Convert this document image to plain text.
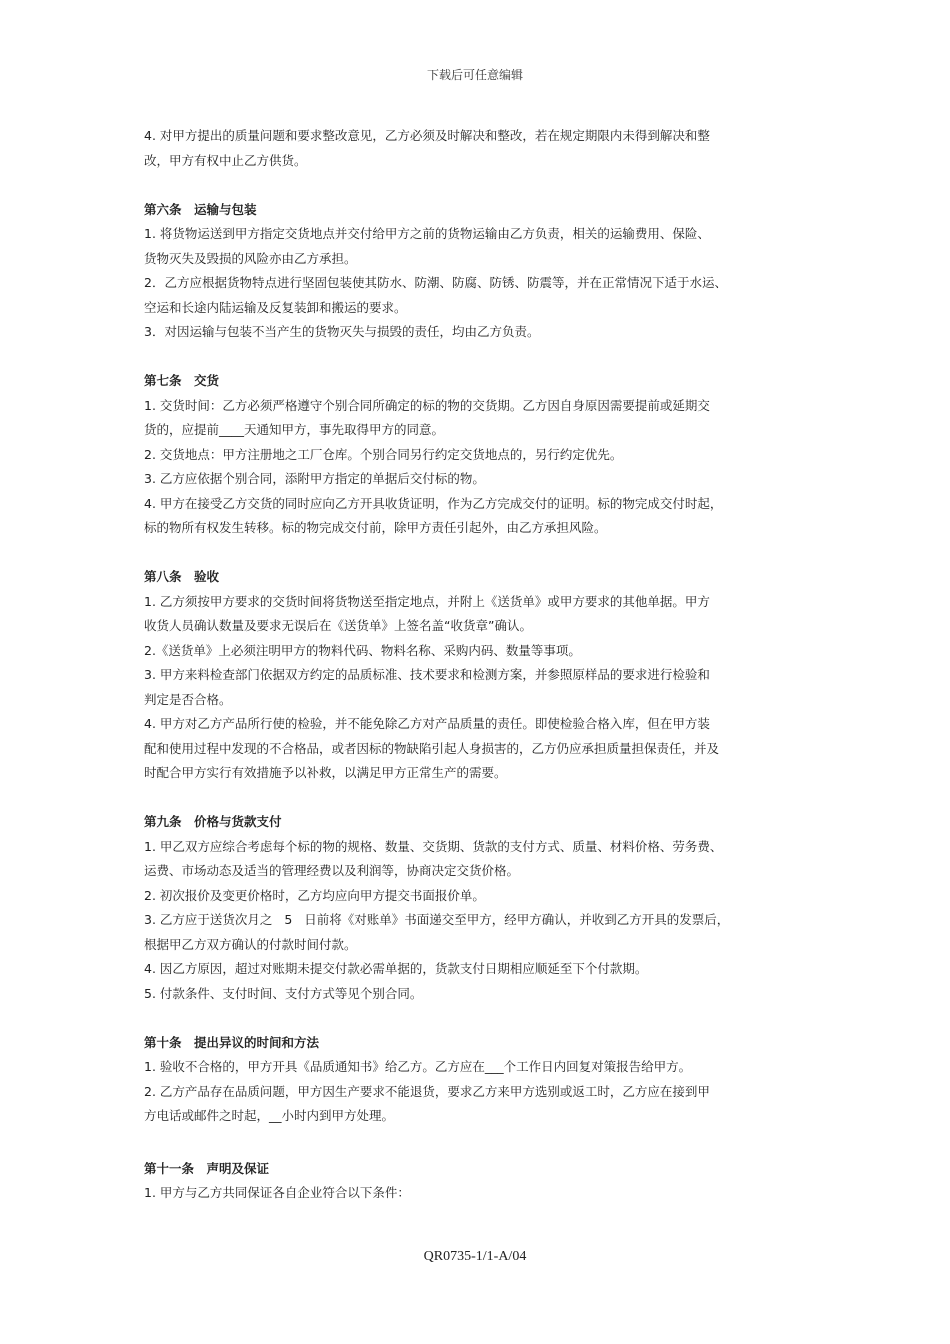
下载后可任意编辑
4. 对甲方提出的质量问题和要求整改意见，乙方必须及时解决和整改，若在规定期限内未得到解决和整
改，甲方有权中止乙方供货。
第六条　运输与包装
1. 将货物运送到甲方指定交货地点并交付给甲方之前的货物运输由乙方负责，相关的运输费用、保险、
货物灭失及毁损的风险亦由乙方承担。
2．乙方应根据货物特点进行坚固包装使其防水、防潮、防腐、防锈、防震等，并在正常情况下适于水运、
空运和长途内陆运输及反复装卸和搬运的要求。
3．对因运输与包装不当产生的货物灭失与损毁的责任，均由乙方负责。
第七条　交货
1. 交货时间：乙方必须严格遵守个别合同所确定的标的物的交货期。乙方因自身原因需要提前或延期交
货的，应提前____天通知甲方，事先取得甲方的同意。
2. 交货地点：甲方注册地之工厂仓库。个别合同另行约定交货地点的，另行约定优先。
3. 乙方应依据个别合同，添附甲方指定的单据后交付标的物。
4. 甲方在接受乙方交货的同时应向乙方开具收货证明，作为乙方完成交付的证明。标的物完成交付时起，
标的物所有权发生转移。标的物完成交付前，除甲方责任引起外，由乙方承担风险。
第八条　验收
1. 乙方须按甲方要求的交货时间将货物送至指定地点，并附上《送货单》或甲方要求的其他单据。甲方
收货人员确认数量及要求无误后在《送货单》上签名盖“收货章”确认。
2.《送货单》上必须注明甲方的物料代码、物料名称、采购内码、数量等事项。
3. 甲方来料检查部门依据双方约定的品质标准、技术要求和检测方案，并参照原样品的要求进行检验和
判定是否合格。
4. 甲方对乙方产品所行使的检验，并不能免除乙方对产品质量的责任。即使检验合格入库，但在甲方装
配和使用过程中发现的不合格品，或者因标的物缺陷引起人身损害的，乙方仍应承担质量担保责任，并及
时配合甲方实行有效措施予以补救，以满足甲方正常生产的需要。
第九条　价格与货款支付
1. 甲乙双方应综合考虑每个标的物的规格、数量、交货期、货款的支付方式、质量、材料价格、劳务费、
运费、市场动态及适当的管理经费以及利润等，协商决定交货价格。
2. 初次报价及变更价格时，乙方均应向甲方提交书面报价单。
3. 乙方应于送货次月之   5   日前将《对账单》书面递交至甲方，经甲方确认，并收到乙方开具的发票后，
根据甲乙方双方确认的付款时间付款。
4. 因乙方原因，超过对账期未提交付款必需单据的，货款支付日期相应顺延至下个付款期。
5. 付款条件、支付时间、支付方式等见个别合同。
第十条　提出异议的时间和方法
1. 验收不合格的，甲方开具《品质通知书》给乙方。乙方应在___个工作日内回复对策报告给甲方。
2. 乙方产品存在品质问题，甲方因生产要求不能退货，要求乙方来甲方选别或返工时，乙方应在接到甲
方电话或邮件之时起，__小时内到甲方处理。
第十一条　声明及保证
1. 甲方与乙方共同保证各自企业符合以下条件：
QR0735-1/1-A/04
